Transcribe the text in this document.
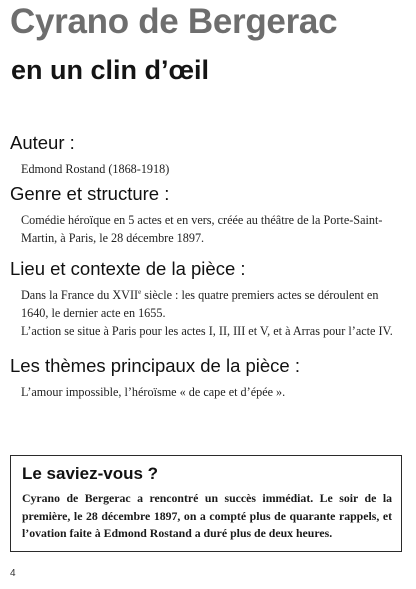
Cyrano de Bergerac
en un clin d’œil
Auteur :

Edmond Rostand (1868-1918)

Genre et structure :

Comédie héroïque en 5 actes et en vers, créée au théâtre de la Porte-Saint-Martin, à Paris, le 28 décembre 1897.

Lieu et contexte de la pièce :

Dans la France du XVIIe siècle : les quatre premiers actes se déroulent en 1640, le dernier acte en 1655.

L’action se situe à Paris pour les actes I, II, III et V, et à Arras pour l’acte IV.

Les thèmes principaux de la pièce :

L’amour impossible, l’héroïsme « de cape et d’épée ».

Le saviez-vous ?

Cyrano de Bergerac a rencontré un succès immédiat. Le soir de la première, le 28 décembre 1897, on a compté plus de quarante rappels, et l’ovation faite à Edmond Rostand a duré plus de deux heures.

4
